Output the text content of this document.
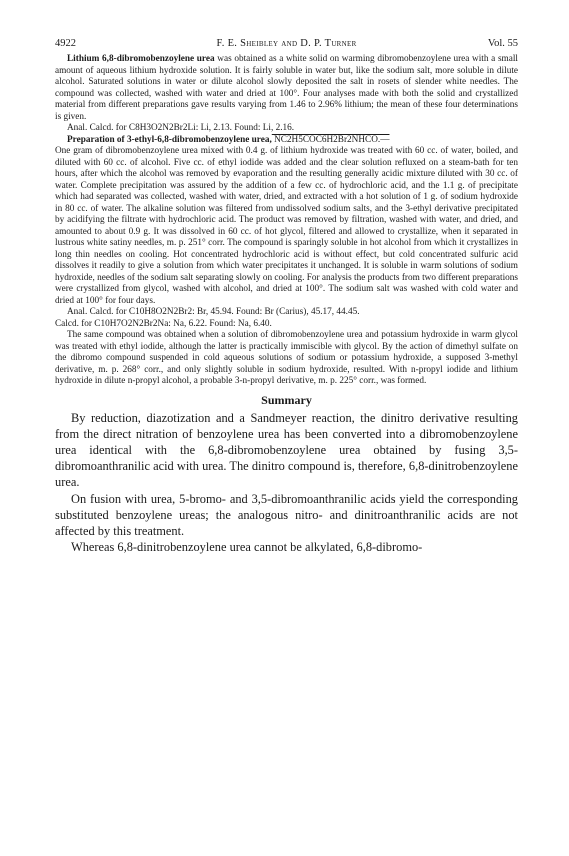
4922	F. E. Sheibley and D. P. Turner	Vol. 55

Lithium 6,8-dibromobenzoylene urea was obtained as a white solid on warming dibromobenzoylene urea with a small amount of aqueous lithium hydroxide solution. It is fairly soluble in water but, like the sodium salt, more soluble in dilute alcohol. Saturated solutions in water or dilute alcohol slowly deposited the salt in rosets of slender white needles. The compound was collected, washed with water and dried at 100°. Four analyses made with both the solid and crystallized material from different preparations gave results varying from 1.46 to 2.96% lithium; the mean of these four determinations is given.

Anal. Calcd. for C8H3O2N2Br2Li: Li, 2.13. Found: Li, 2.16.

Preparation of 3-ethyl-6,8-dibromobenzoylene urea, NC2H5COC6H2Br2NHCO.—

One gram of dibromobenzoylene urea mixed with 0.4 g. of lithium hydroxide was treated with 60 cc. of water, boiled, and diluted with 60 cc. of alcohol. Five cc. of ethyl iodide was added and the clear solution refluxed on a steam-bath for ten hours, after which the alcohol was removed by evaporation and the resulting generally acidic mixture diluted with 30 cc. of water. Complete precipitation was assured by the addition of a few cc. of hydrochloric acid, and the 1.1 g. of precipitate which had separated was collected, washed with water, dried, and extracted with a hot solution of 1 g. of sodium hydroxide in 80 cc. of water. The alkaline solution was filtered from undissolved sodium salts, and the 3-ethyl derivative precipitated by acidifying the filtrate with hydrochloric acid. The product was removed by filtration, washed with water, and dried, and amounted to about 0.9 g. It was dissolved in 60 cc. of hot glycol, filtered and allowed to crystallize, when it separated in lustrous white satiny needles, m. p. 251° corr. The compound is sparingly soluble in hot alcohol from which it crystallizes in long thin needles on cooling. Hot concentrated hydrochloric acid is without effect, but cold concentrated sulfuric acid dissolves it readily to give a solution from which water precipitates it unchanged. It is soluble in warm solutions of sodium hydroxide, needles of the sodium salt separating slowly on cooling. For analysis the products from two different preparations were crystallized from glycol, washed with alcohol, and dried at 100°. The sodium salt was washed with cold water and dried at 100° for four days.

Anal. Calcd. for C10H8O2N2Br2: Br, 45.94. Found: Br (Carius), 45.17, 44.45.

Calcd. for C10H7O2N2Br2Na: Na, 6.22. Found: Na, 6.40.

The same compound was obtained when a solution of dibromobenzoylene urea and potassium hydroxide in warm glycol was treated with ethyl iodide, although the latter is practically immiscible with glycol. By the action of dimethyl sulfate on the dibromo compound suspended in cold aqueous solutions of sodium or potassium hydroxide, a supposed 3-methyl derivative, m. p. 268° corr., and only slightly soluble in sodium hydroxide, resulted. With n-propyl iodide and lithium hydroxide in dilute n-propyl alcohol, a probable 3-n-propyl derivative, m. p. 225° corr., was formed.

Summary

By reduction, diazotization and a Sandmeyer reaction, the dinitro derivative resulting from the direct nitration of benzoylene urea has been converted into a dibromobenzoylene urea identical with the 6,8-dibromobenzoylene urea obtained by fusing 3,5-dibromoanthranilic acid with urea. The dinitro compound is, therefore, 6,8-dinitrobenzoylene urea.

On fusion with urea, 5-bromo- and 3,5-dibromoanthranilic acids yield the corresponding substituted benzoylene ureas; the analogous nitro- and dinitroanthranilic acids are not affected by this treatment.

Whereas 6,8-dinitrobenzoylene urea cannot be alkylated, 6,8-dibromo-
